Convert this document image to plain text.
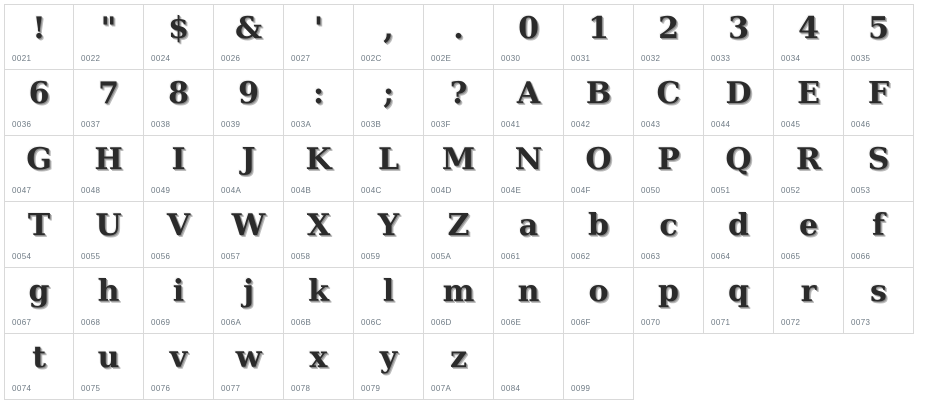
!
0021
"
0022
$
0024
&
0026
'
0027
,
002C
.
002E
0
0030
1
0031
2
0032
3
0033
4
0034
5
0035
6
0036
7
0037
8
0038
9
0039
:
003A
;
003B
?
003F
A
0041
B
0042
C
0043
D
0044
E
0045
F
0046
G
0047
H
0048
I
0049
J
004A
K
004B
L
004C
M
004D
N
004E
O
004F
P
0050
Q
0051
R
0052
S
0053
T
0054
U
0055
V
0056
W
0057
X
0058
Y
0059
Z
005A
a
0061
b
0062
c
0063
d
0064
e
0065
f
0066
g
0067
h
0068
i
0069
j
006A
k
006B
l
006C
m
006D
n
006E
o
006F
p
0070
q
0071
r
0072
s
0073
t
0074
u
0075
v
0076
w
0077
x
0078
y
0079
z
007A	0084	0099
